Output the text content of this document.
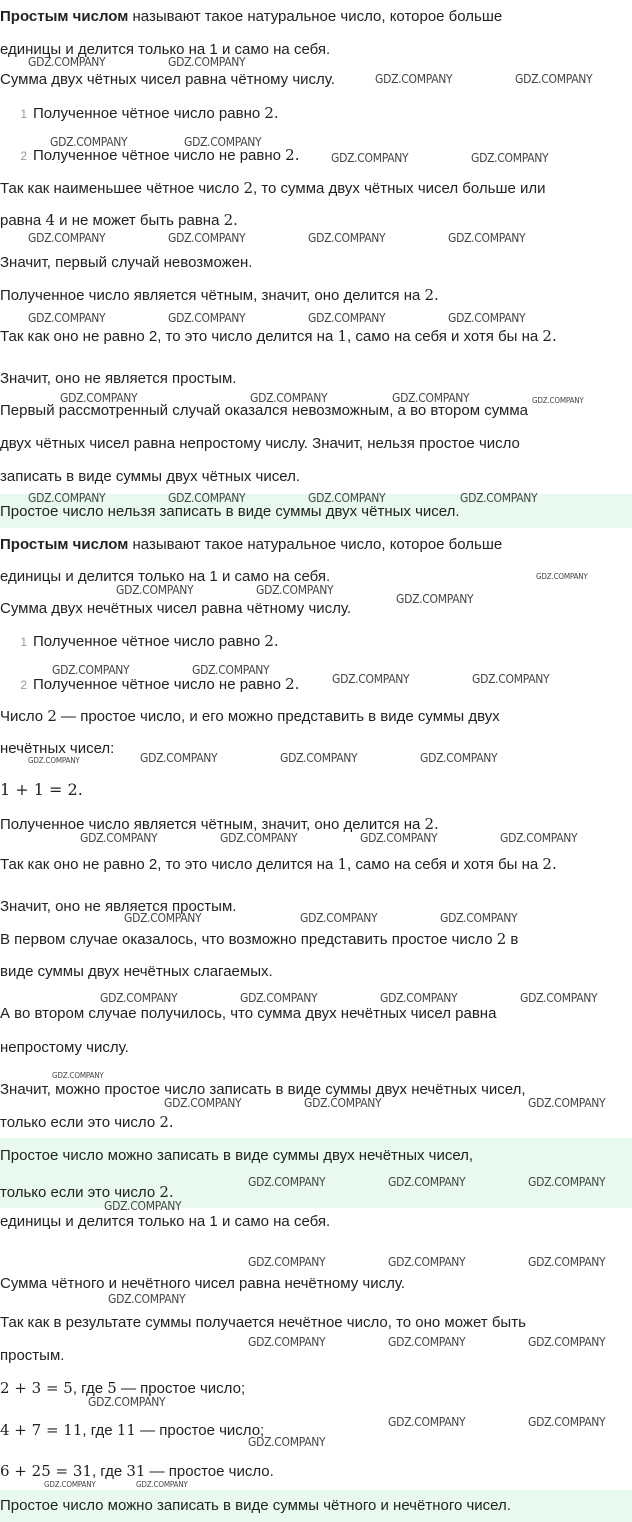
Простым числом называют такое натуральное число, которое больше
единицы и делится только на 1 и само на себя.
Сумма двух чётных чисел равна чётному числу.
1 Полученное чётное число равно 2.
2 Полученное чётное число не равно 2.
Так как наименьшее чётное число 2, то сумма двух чётных чисел больше или
равна 4 и не может быть равна 2.
Значит, первый случай невозможен.
Полученное число является чётным, значит, оно делится на 2.
Так как оно не равно 2, то это число делится на 1, само на себя и хотя бы на 2.
Значит, оно не является простым.
Первый рассмотренный случай оказался невозможным, а во втором сумма
двух чётных чисел равна непростому числу. Значит, нельзя простое число
записать в виде суммы двух чётных чисел.
Простое число нельзя записать в виде суммы двух чётных чисел.
Простым числом называют такое натуральное число, которое больше
единицы и делится только на 1 и само на себя.
Сумма двух нечётных чисел равна чётному числу.
1 Полученное чётное число равно 2.
2 Полученное чётное число не равно 2.
Число 2 — простое число, и его можно представить в виде суммы двух
нечётных чисел:
1 + 1 = 2.
Полученное число является чётным, значит, оно делится на 2.
Так как оно не равно 2, то это число делится на 1, само на себя и хотя бы на 2.
Значит, оно не является простым.
В первом случае оказалось, что возможно представить простое число 2 в
виде суммы двух нечётных слагаемых.
А во втором случае получилось, что сумма двух нечётных чисел равна
непростому числу.
Значит, можно простое число записать в виде суммы двух нечётных чисел,
только если это число 2.
Простое число можно записать в виде суммы двух нечётных чисел,
только если это число 2.
единицы и делится только на 1 и само на себя.
Сумма чётного и нечётного чисел равна нечётному числу.
Так как в результате суммы получается нечётное число, то оно может быть
простым.
2 + 3 = 5, где 5 — простое число;
4 + 7 = 11, где 11 — простое число;
6 + 25 = 31, где 31 — простое число.
Простое число можно записать в виде суммы чётного и нечётного чисел.
GDZ.COMPANY	GDZ.COMPANY
GDZ.COMPANY	GDZ.COMPANY
GDZ.COMPANY	GDZ.COMPANY
GDZ.COMPANY	GDZ.COMPANY
GDZ.COMPANY	GDZ.COMPANY	GDZ.COMPANY	GDZ.COMPANY
GDZ.COMPANY	GDZ.COMPANY	GDZ.COMPANY	GDZ.COMPANY
GDZ.COMPANY	GDZ.COMPANY	GDZ.COMPANY	GDZ.COMPANY
GDZ.COMPANY	GDZ.COMPANY	GDZ.COMPANY	GDZ.COMPANY
GDZ.COMPANY
GDZ.COMPANY	GDZ.COMPANY
GDZ.COMPANY
GDZ.COMPANY	GDZ.COMPANY
GDZ.COMPANY	GDZ.COMPANY
GDZ.COMPANY	GDZ.COMPANY	GDZ.COMPANY	GDZ.COMPANY
GDZ.COMPANY	GDZ.COMPANY	GDZ.COMPANY	GDZ.COMPANY
GDZ.COMPANY	GDZ.COMPANY	GDZ.COMPANY
GDZ.COMPANY	GDZ.COMPANY	GDZ.COMPANY	GDZ.COMPANY
GDZ.COMPANY
GDZ.COMPANY	GDZ.COMPANY	GDZ.COMPANY
GDZ.COMPANY	GDZ.COMPANY	GDZ.COMPANY
GDZ.COMPANY
GDZ.COMPANY	GDZ.COMPANY	GDZ.COMPANY
GDZ.COMPANY
GDZ.COMPANY	GDZ.COMPANY	GDZ.COMPANY
GDZ.COMPANY
GDZ.COMPANY	GDZ.COMPANY
GDZ.COMPANY
GDZ.COMPANY	GDZ.COMPANY
